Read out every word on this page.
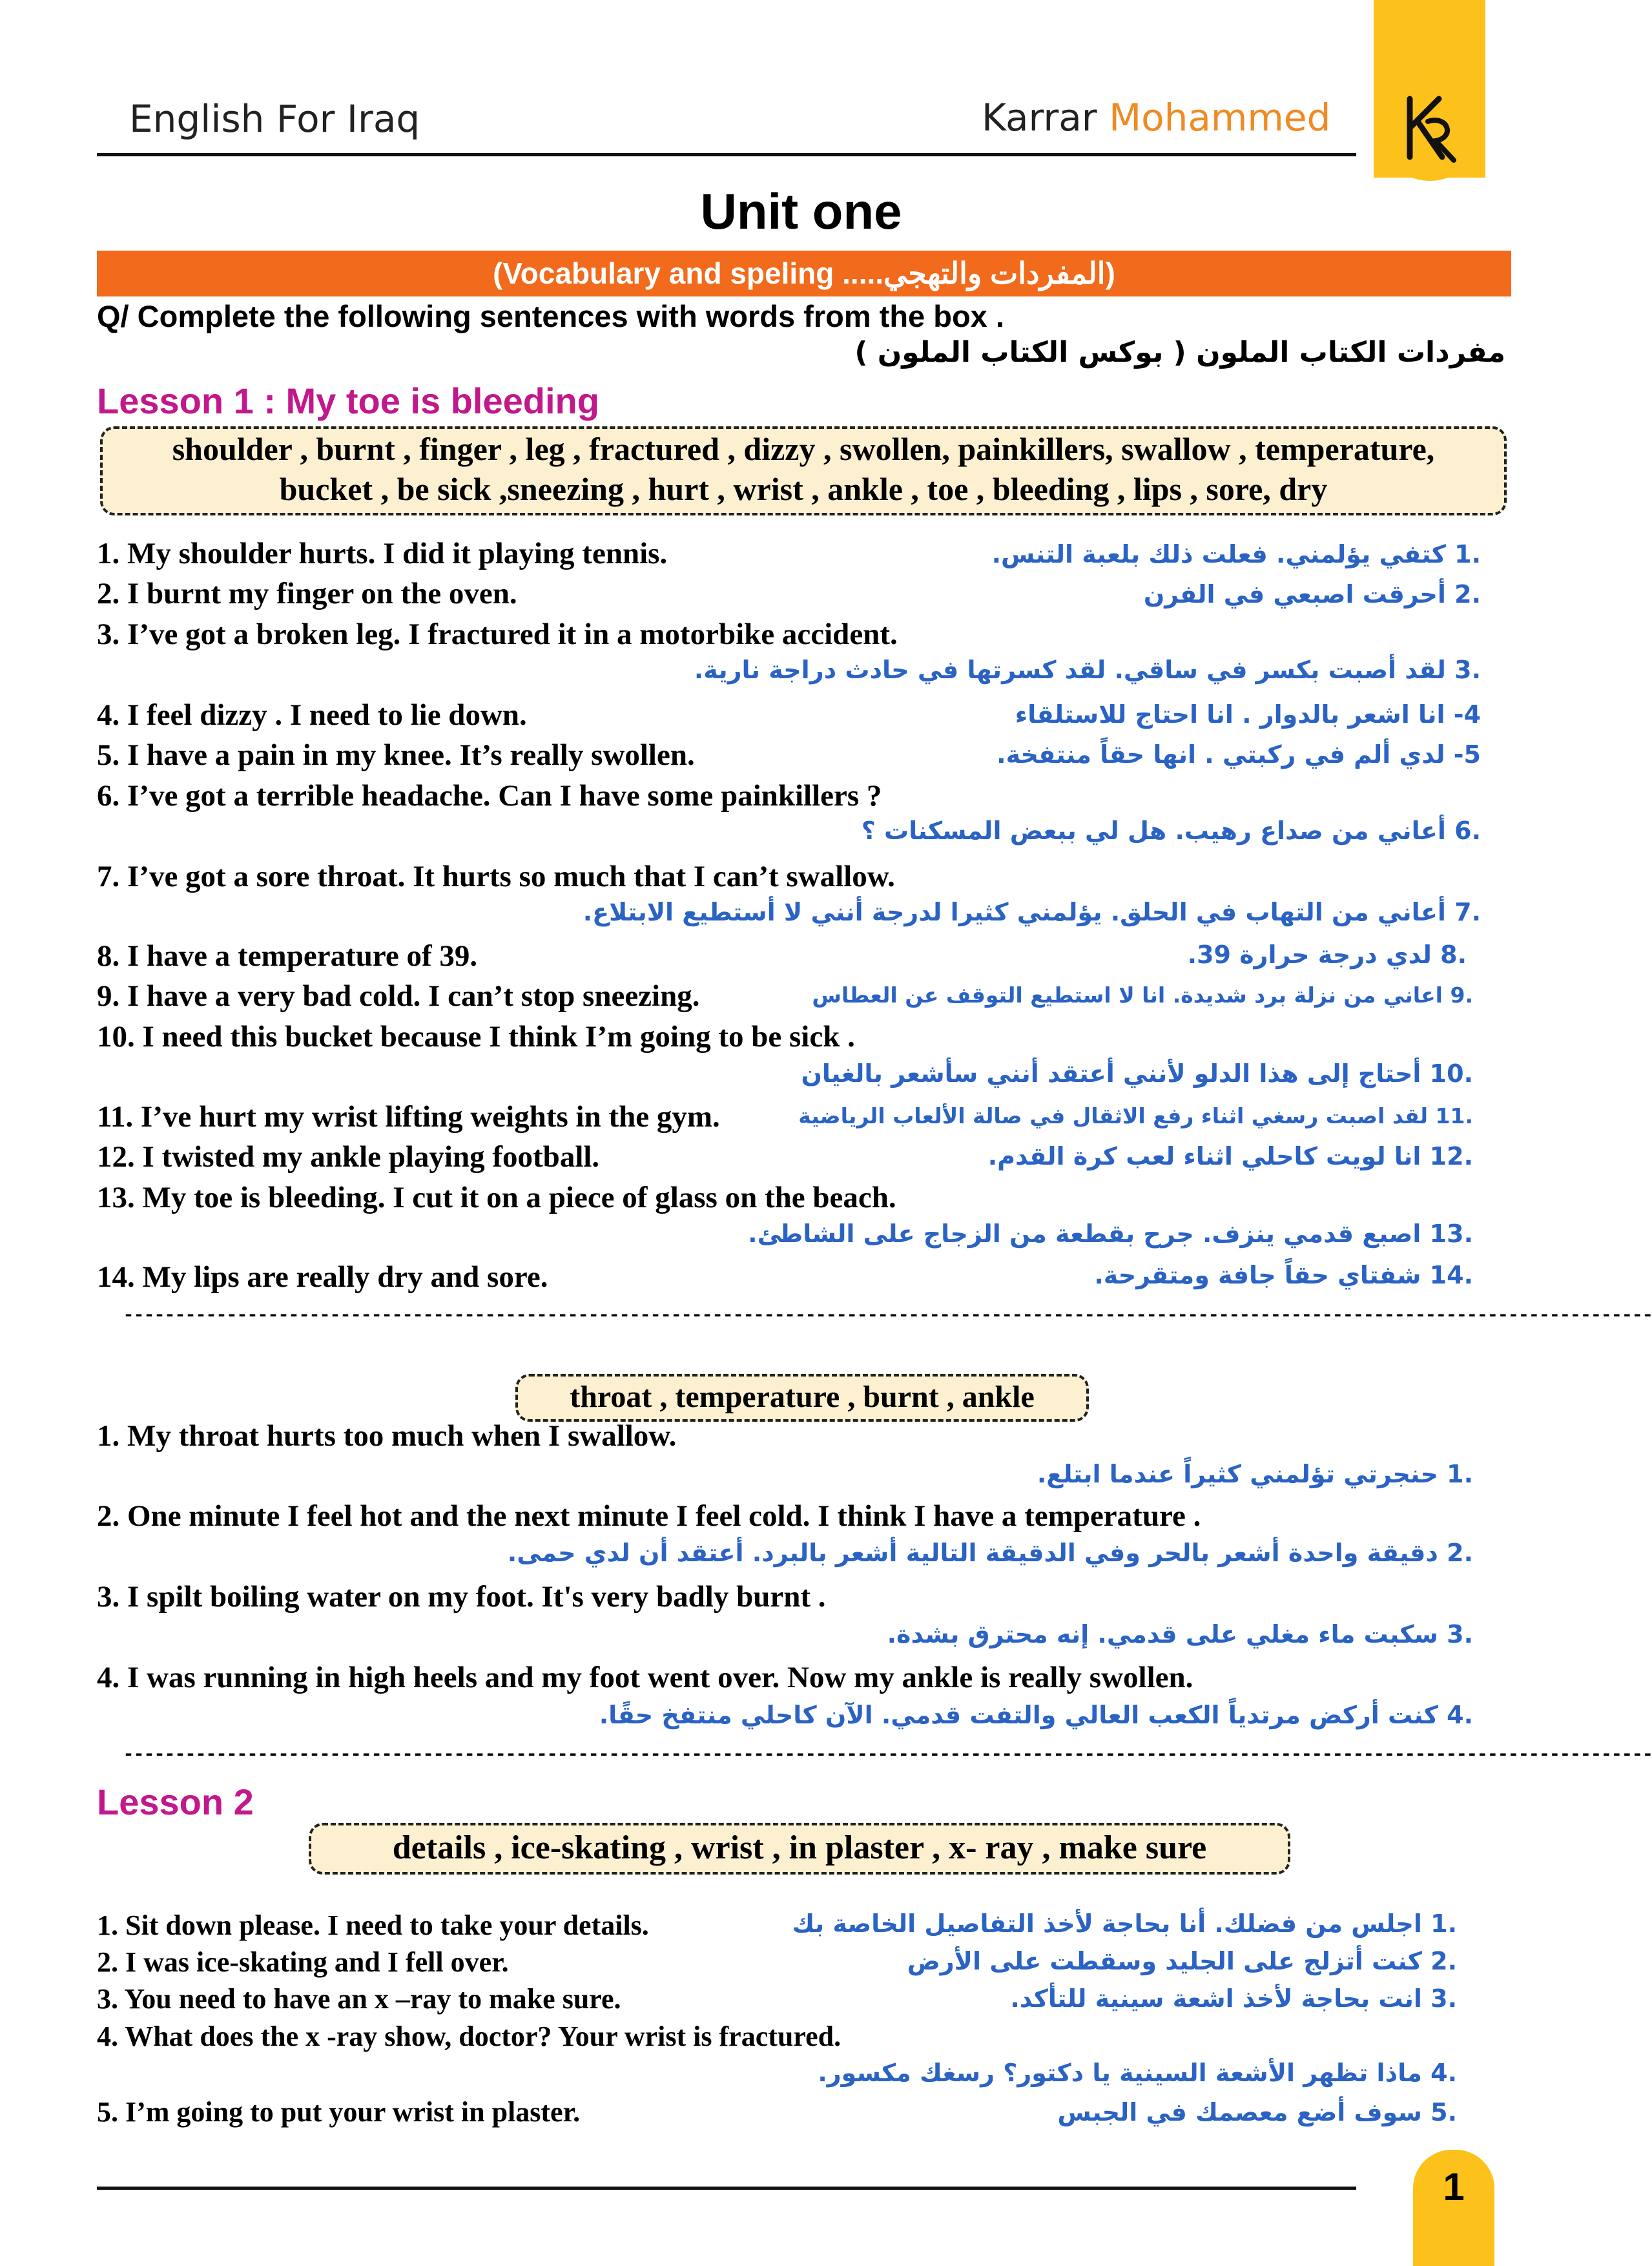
English For Iraq	Karrar Mohammed
Unit one
(Vocabulary and speling .....المفردات والتهجي)
Q/ Complete the following sentences with words from the box .
مفردات الكتاب الملون ( بوكس الكتاب الملون )
Lesson 1 : My toe is bleeding
shoulder , burnt , finger , leg , fractured , dizzy , swollen, painkillers, swallow , temperature,
bucket , be sick ,sneezing , hurt , wrist , ankle , toe , bleeding , lips , sore, dry
1. My shoulder hurts. I did it playing tennis.	.1 كتفي يؤلمني. فعلت ذلك بلعبة التنس.
2. I burnt my finger on the oven.	.2 أحرقت اصبعي في الفرن
3. I’ve got a broken leg. I fractured it in a motorbike accident.
.3 لقد أصبت بكسر في ساقي. لقد كسرتها في حادث دراجة نارية.
4. I feel dizzy . I need to lie down.	4- انا اشعر بالدوار . انا احتاج للاستلقاء
5. I have a pain in my knee. It’s really swollen.	5- لدي ألم في ركبتي . انها حقاً منتفخة.
6. I’ve got a terrible headache. Can I have some painkillers ?
.6 أعاني من صداع رهيب. هل لي ببعض المسكنات ؟
7. I’ve got a sore throat. It hurts so much that I can’t swallow.
.7 أعاني من التهاب في الحلق. يؤلمني كثيرا لدرجة أنني لا أستطيع الابتلاع.
8. I have a temperature of 39.	.8 لدي درجة حرارة 39.
9. I have a very bad cold. I can’t stop sneezing.	.9 اعاني من نزلة برد شديدة. انا لا استطيع التوقف عن العطاس
10. I need this bucket because I think I’m going to be sick .
.10 أحتاج إلى هذا الدلو لأنني أعتقد أنني سأشعر بالغيان
11. I’ve hurt my wrist lifting weights in the gym.	.11 لقد اصبت رسغي اثناء رفع الاثقال في صالة الألعاب الرياضية
12. I twisted my ankle playing football.	.12 انا لويت كاحلي اثناء لعب كرة القدم.
13. My toe is bleeding. I cut it on a piece of glass on the beach.
.13 اصبع قدمي ينزف. جرح بقطعة من الزجاج على الشاطئ.
14. My lips are really dry and sore.	.14 شفتاي حقاً جافة ومتقرحة.
----------------------------------------------------------------------------------------------------------------------------------------------------
throat , temperature , burnt , ankle
1. My throat hurts too much when I swallow.
.1 حنجرتي تؤلمني كثيراً عندما ابتلع.
2. One minute I feel hot and the next minute I feel cold. I think I have a temperature .
.2 دقيقة واحدة أشعر بالحر وفي الدقيقة التالية أشعر بالبرد. أعتقد أن لدي حمى.
3. I spilt boiling water on my foot. It's very badly burnt .
.3 سكبت ماء مغلي على قدمي. إنه محترق بشدة.
4. I was running in high heels and my foot went over. Now my ankle is really swollen.
.4 كنت أركض مرتدياً الكعب العالي والتفت قدمي. الآن كاحلي منتفخ حقًا.
----------------------------------------------------------------------------------------------------------------------------------------------------
Lesson 2
details , ice-skating , wrist , in plaster , x- ray , make sure
1. Sit down please. I need to take your details.	.1 اجلس من فضلك. أنا بحاجة لأخذ التفاصيل الخاصة بك
2. I was ice-skating and I fell over.	.2 كنت أتزلج على الجليد وسقطت على الأرض
3. You need to have an x –ray to make sure.	.3 انت بحاجة لأخذ اشعة سينية للتأكد.
4. What does the x -ray show, doctor? Your wrist is fractured.
.4 ماذا تظهر الأشعة السينية يا دكتور؟ رسغك مكسور.
5. I’m going to put your wrist in plaster.	.5 سوف أضع معصمك في الجبس
1
